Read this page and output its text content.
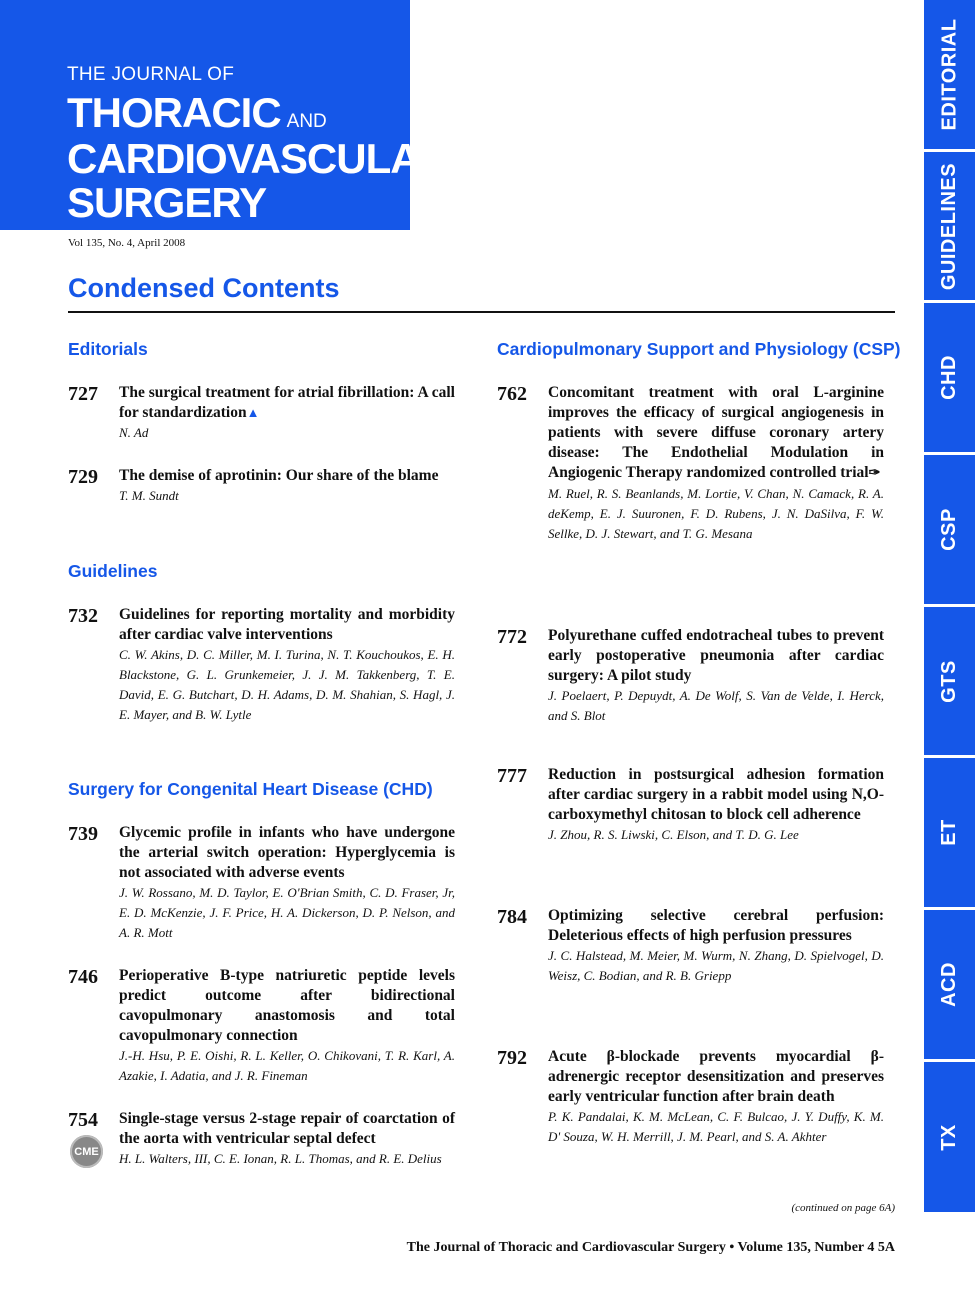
THE JOURNAL OF
THORACIC AND
CARDIOVASCULAR
SURGERY
Vol 135, No. 4, April 2008
Condensed Contents
Editorials
727 The surgical treatment for atrial fibrillation: A call for standardization▲
N. Ad
729 The demise of aprotinin: Our share of the blame
T. M. Sundt
Guidelines
732 Guidelines for reporting mortality and morbidity after cardiac valve interventions
C. W. Akins, D. C. Miller, M. I. Turina, N. T. Kouchoukos, E. H. Blackstone, G. L. Grunkemeier, J. J. M. Takkenberg, T. E. David, E. G. Butchart, D. H. Adams, D. M. Shahian, S. Hagl, J. E. Mayer, and B. W. Lytle
Surgery for Congenital Heart Disease (CHD)
739 Glycemic profile in infants who have undergone the arterial switch operation: Hyperglycemia is not associated with adverse events
J. W. Rossano, M. D. Taylor, E. O'Brian Smith, C. D. Fraser, Jr, E. D. McKenzie, J. F. Price, H. A. Dickerson, D. P. Nelson, and A. R. Mott
746 Perioperative B-type natriuretic peptide levels predict outcome after bidirectional cavopulmonary anastomosis and total cavopulmonary connection
J.-H. Hsu, P. E. Oishi, R. L. Keller, O. Chikovani, T. R. Karl, A. Azakie, I. Adatia, and J. R. Fineman
754
CME
Single-stage versus 2-stage repair of coarctation of the aorta with ventricular septal defect
H. L. Walters, III, C. E. Ionan, R. L. Thomas, and R. E. Delius
Cardiopulmonary Support and Physiology (CSP)
762 Concomitant treatment with oral L-arginine improves the efficacy of surgical angiogenesis in patients with severe diffuse coronary artery disease: The Endothelial Modulation in Angiogenic Therapy randomized controlled trial✑
M. Ruel, R. S. Beanlands, M. Lortie, V. Chan, N. Camack, R. A. deKemp, E. J. Suuronen, F. D. Rubens, J. N. DaSilva, F. W. Sellke, D. J. Stewart, and T. G. Mesana
772 Polyurethane cuffed endotracheal tubes to prevent early postoperative pneumonia after cardiac surgery: A pilot study
J. Poelaert, P. Depuydt, A. De Wolf, S. Van de Velde, I. Herck, and S. Blot
777 Reduction in postsurgical adhesion formation after cardiac surgery in a rabbit model using N,O-carboxymethyl chitosan to block cell adherence
J. Zhou, R. S. Liwski, C. Elson, and T. D. G. Lee
784 Optimizing selective cerebral perfusion: Deleterious effects of high perfusion pressures
J. C. Halstead, M. Meier, M. Wurm, N. Zhang, D. Spielvogel, D. Weisz, C. Bodian, and R. B. Griepp
792 Acute β-blockade prevents myocardial β-adrenergic receptor desensitization and preserves early ventricular function after brain death
P. K. Pandalai, K. M. McLean, C. F. Bulcao, J. Y. Duffy, K. M. D' Souza, W. H. Merrill, J. M. Pearl, and S. A. Akhter
EDITORIAL
GUIDELINES
CHD
CSP
GTS
ET
ACD
TX
(continued on page 6A)
The Journal of Thoracic and Cardiovascular Surgery • Volume 135, Number 4 5A
